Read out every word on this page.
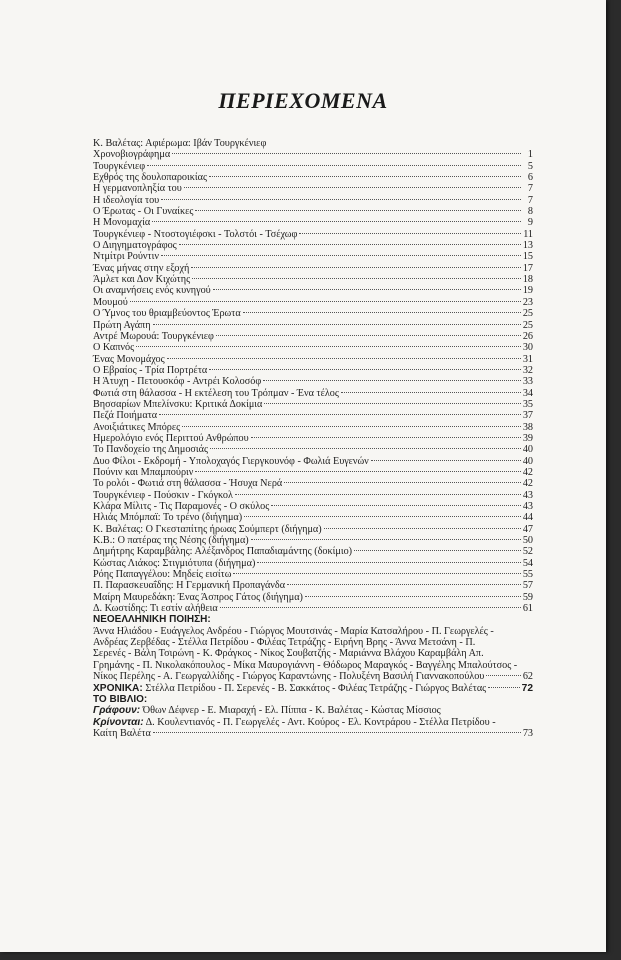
ΠΕΡΙΕΧΟΜΕΝΑ
Κ. Βαλέτας: Αφιέρωμα: Ιβάν Τουργκένιεφ
Χρονοβιογράφημα	1
Τουργκένιεφ	5
Εχθρός της δουλοπαροικίας	6
Η γερμανοπληξία του	7
Η ιδεολογία του	7
Ο Έρωτας - Οι Γυναίκες	8
Η Μονομαχία	9
Τουργκένιεφ - Ντοστογιέφσκι - Τολστόι - Τσέχωφ	11
Ο Διηγηματογράφος	13
Ντμίτρι Ρούντιν	15
Ένας μήνας στην εξοχή	17
Άμλετ και Δον Κιχώτης	18
Οι αναμνήσεις ενός κυνηγού	19
Μουμού	23
Ο Ύμνος του θριαμβεύοντος Έρωτα	25
Πρώτη Αγάπη	25
Αντρέ Μωρουά: Τουργκένιεφ	26
Ο Καπνός	30
Ένας Μονομάχος	31
Ο Εβραίος - Τρία Πορτρέτα	32
Η Άτυχη - Πετουσκόφ - Αντρέι Κολοσόφ	33
Φωτιά στη θάλασσα - Η εκτέλεση του Τρόπμαν - Ένα τέλος	34
Βησσαρίων Μπελίνσκυ: Κριτικά Δοκίμια	35
Πεζά Ποιήματα	37
Ανοιξιάτικες Μπόρες	38
Ημερολόγιο ενός Περιττού Ανθρώπου	39
Το Πανδοχείο της Δημοσιάς	40
Δυο Φίλοι - Εκδρομή - Υπολοχαγός Γιεργκουνόφ - Φωλιά Ευγενών	40
Πούνιν και Μπαμπούριν	42
Το ρολόι - Φωτιά στη θάλασσα - Ήσυχα Νερά	42
Τουργκένιεφ - Πούσκιν - Γκόγκολ	43
Κλάρα Μίλιτς - Τις Παραμονές - Ο σκύλος	43
Ηλιάς Μπόμπαϊ: Το τρένο (διήγημα)	44
Κ. Βαλέτας: Ο Γκεσταπίτης ήρωας Σούμπερτ (διήγημα)	47
Κ.Β.: Ο πατέρας της Νέσης (διήγημα)	50
Δημήτρης Καραμβάλης: Αλέξανδρος Παπαδιαμάντης (δοκίμιο)	52
Κώστας Λιάκος: Στιγμιότυπα (διήγημα)	54
Ρόης Παπαγγέλου: Μηδείς εισίτω	55
Π. Παρασκευαΐδης: Η Γερμανική Προπαγάνδα	57
Μαίρη Μαυρεδάκη: Ένας Άσπρος Γάτος (διήγημα)	59
Δ. Κωστίδης: Τι εστίν αλήθεια	61
ΝΕΟΕΛΛΗΝΙΚΗ ΠΟΙΗΣΗ:
Άννα Ηλιάδου - Ευάγγελος Ανδρέου - Γιώργος Μουτσινάς - Μαρία Κατσαλήρου - Π. Γεωργελές -
Ανδρέας Ζερβέδας - Στέλλα Πετρίδου - Φιλέας Τετράζης - Ειρήνη Βρης - Άννα Μετσάνη - Π.
Σερενές - Βάλη Τσιρώνη - Κ. Φράγκος - Νίκος Σουβατζής - Μαριάννα Βλάχου Καραμβάλη Απ.
Γρημάνης - Π. Νικολακόπουλος - Μίκα Μαυρογιάννη - Θόδωρος Μαραγκός - Βαγγέλης Μπαλούτσος -
Νίκος Περέλης - Α. Γεωργαλλίδης - Γιώργος Καραντώνης - Πολυξένη Βασιλή Γιαννακοπούλου	62
ΧΡΟΝΙΚΑ: Στέλλα Πετρίδου - Π. Σερενές - Β. Σακκάτος - Φιλέας Τετράζης - Γιώργος Βαλέτας	72
ΤΟ ΒΙΒΛΙΟ:
Γράφουν: Όθων Δέφνερ - Ε. Μιαραχή - Ελ. Πίππα - Κ. Βαλέτας - Κώστας Μίσσιος
Κρίνονται: Δ. Κουλεντιανός - Π. Γεωργελές - Αντ. Κούρος - Ελ. Κοντράρου - Στέλλα Πετρίδου -
Καίτη Βαλέτα	73
